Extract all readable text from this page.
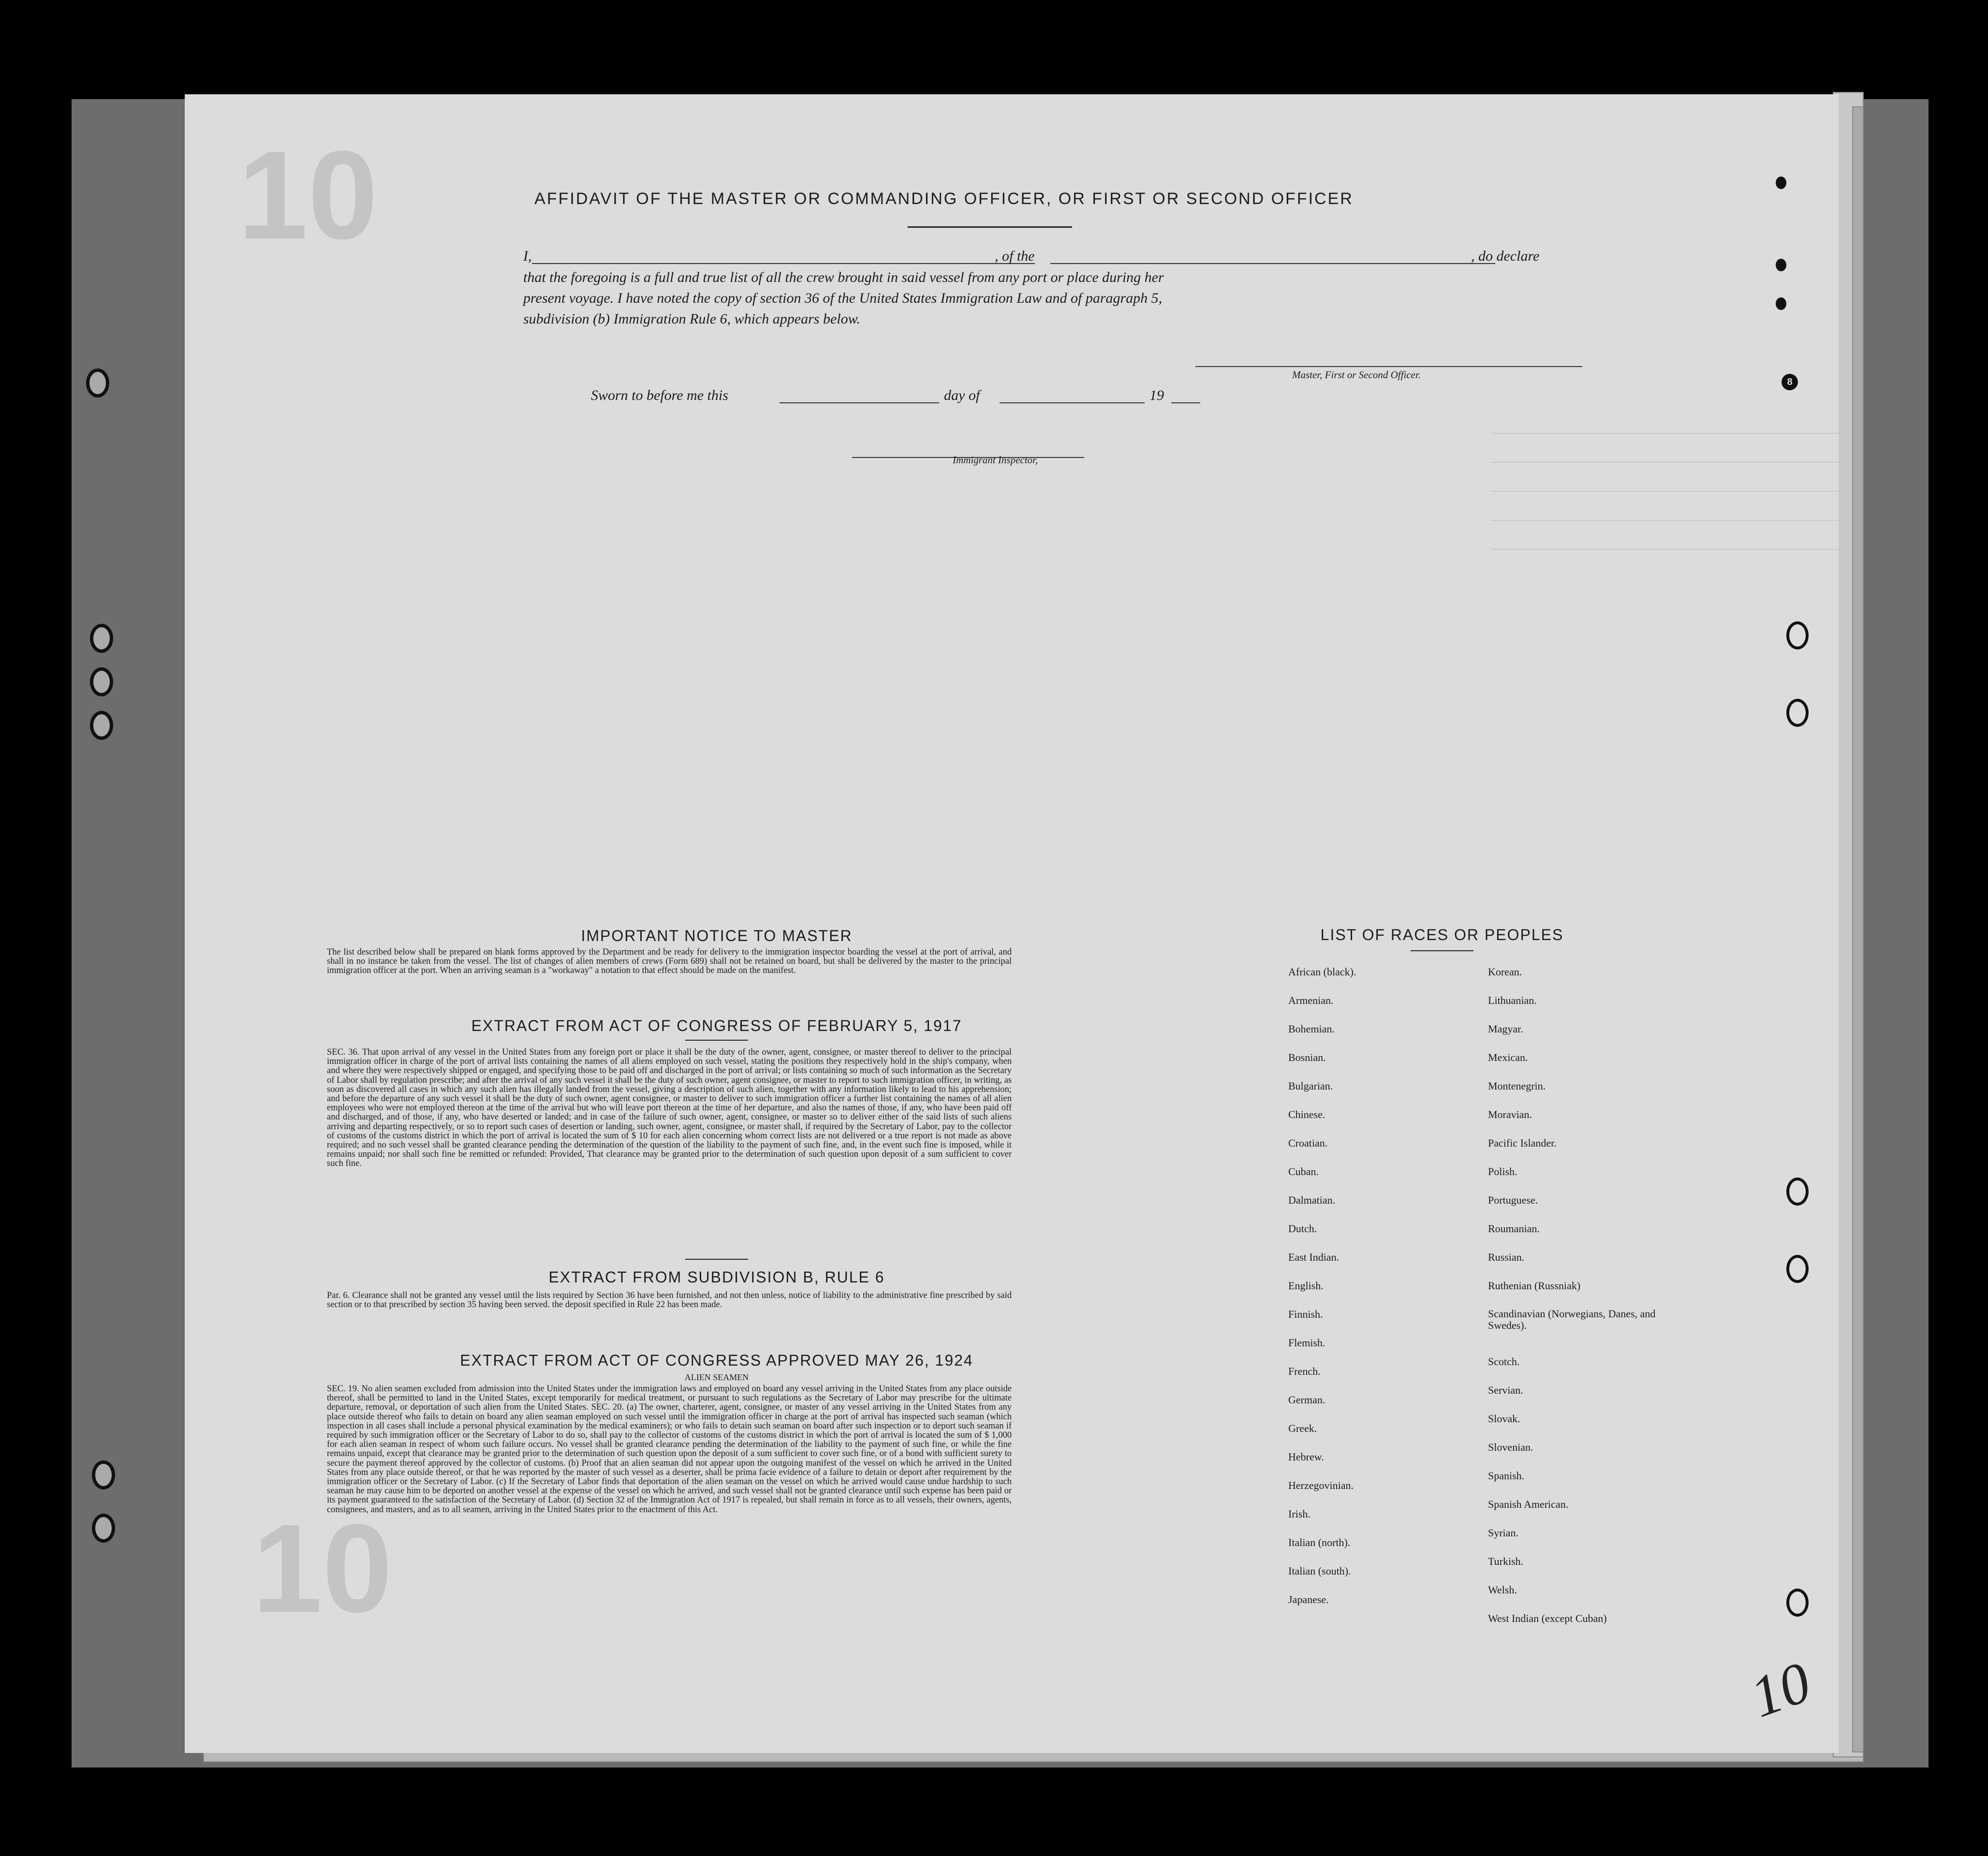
10
10
8
AFFIDAVIT OF THE MASTER OR COMMANDING OFFICER, OR FIRST OR SECOND OFFICER
I,	, of the	, do declare
that the foregoing is a full and true list of all the crew brought in said vessel from any port or place during her
present voyage. I have noted the copy of section 36 of the United States Immigration Law and of paragraph 5,
subdivision (b) Immigration Rule 6, which appears below.
Master, First or Second Officer.
Sworn to before me this	day of	19
Immigrant Inspector,
IMPORTANT NOTICE TO MASTER
The list described below shall be prepared on blank forms approved by the Department and be ready for delivery to the immigration inspector boarding the vessel at the port of arrival, and shall in no instance be taken from the vessel. The list of changes of alien members of crews (Form 689) shall not be retained on board, but shall be delivered by the master to the principal immigration officer at the port. When an arriving seaman is a "workaway" a notation to that effect should be made on the manifest.
EXTRACT FROM ACT OF CONGRESS OF FEBRUARY 5, 1917
SEC. 36. That upon arrival of any vessel in the United States from any foreign port or place it shall be the duty of the owner, agent, consignee, or master thereof to deliver to the principal immigration officer in charge of the port of arrival lists containing the names of all aliens employed on such vessel, stating the positions they respectively hold in the ship's company, when and where they were respectively shipped or engaged, and specifying those to be paid off and discharged in the port of arrival; or lists containing so much of such information as the Secretary of Labor shall by regulation prescribe; and after the arrival of any such vessel it shall be the duty of such owner, agent consignee, or master to report to such immigration officer, in writing, as soon as discovered all cases in which any such alien has illegally landed from the vessel, giving a description of such alien, together with any information likely to lead to his apprehension; and before the departure of any such vessel it shall be the duty of such owner, agent consignee, or master to deliver to such immigration officer a further list containing the names of all alien employees who were not employed thereon at the time of the arrival but who will leave port thereon at the time of her departure, and also the names of those, if any, who have been paid off and discharged, and of those, if any, who have deserted or landed; and in case of the failure of such owner, agent, consignee, or master so to deliver either of the said lists of such aliens arriving and departing respectively, or so to report such cases of desertion or landing, such owner, agent, consignee, or master shall, if required by the Secretary of Labor, pay to the collector of customs of the customs district in which the port of arrival is located the sum of $ 10 for each alien concerning whom correct lists are not delivered or a true report is not made as above required; and no such vessel shall be granted clearance pending the determination of the question of the liability to the payment of such fine, and, in the event such fine is imposed, while it remains unpaid; nor shall such fine be remitted or refunded: Provided, That clearance may be granted prior to the determination of such question upon deposit of a sum sufficient to cover such fine.
EXTRACT FROM SUBDIVISION B, RULE 6
Par. 6. Clearance shall not be granted any vessel until the lists required by Section 36 have been furnished, and not then unless, notice of liability to the administrative fine prescribed by said section or to that prescribed by section 35 having been served. the deposit specified in Rule 22 has been made.
EXTRACT FROM ACT OF CONGRESS APPROVED MAY 26, 1924
ALIEN SEAMEN
SEC. 19. No alien seamen excluded from admission into the United States under the immigration laws and employed on board any vessel arriving in the United States from any place outside thereof, shall be permitted to land in the United States, except temporarily for medical treatment, or pursuant to such regulations as the Secretary of Labor may prescribe for the ultimate departure, removal, or deportation of such alien from the United States. SEC. 20. (a) The owner, charterer, agent, consignee, or master of any vessel arriving in the United States from any place outside thereof who fails to detain on board any alien seaman employed on such vessel until the immigration officer in charge at the port of arrival has inspected such seaman (which inspection in all cases shall include a personal physical examination by the medical examiners); or who fails to detain such seaman on board after such inspection or to deport such seaman if required by such immigration officer or the Secretary of Labor to do so, shall pay to the collector of customs of the customs district in which the port of arrival is located the sum of $ 1,000 for each alien seaman in respect of whom such failure occurs. No vessel shall be granted clearance pending the determination of the liability to the payment of such fine, or while the fine remains unpaid, except that clearance may be granted prior to the determination of such question upon the deposit of a sum sufficient to cover such fine, or of a bond with sufficient surety to secure the payment thereof approved by the collector of customs. (b) Proof that an alien seaman did not appear upon the outgoing manifest of the vessel on which he arrived in the United States from any place outside thereof, or that he was reported by the master of such vessel as a deserter, shall be prima facie evidence of a failure to detain or deport after requirement by the immigration officer or the Secretary of Labor. (c) If the Secretary of Labor finds that deportation of the alien seaman on the vessel on which he arrived would cause undue hardship to such seaman he may cause him to be deported on another vessel at the expense of the vessel on which he arrived, and such vessel shall not be granted clearance until such expense has been paid or its payment guaranteed to the satisfaction of the Secretary of Labor. (d) Section 32 of the Immigration Act of 1917 is repealed, but shall remain in force as to all vessels, their owners, agents, consignees, and masters, and as to all seamen, arriving in the United States prior to the enactment of this Act.
LIST OF RACES OR PEOPLES
African (black).
Armenian.
Bohemian.
Bosnian.
Bulgarian.
Chinese.
Croatian.
Cuban.
Dalmatian.
Dutch.
East Indian.
English.
Finnish.
Flemish.
French.
German.
Greek.
Hebrew.
Herzegovinian.
Irish.
Italian (north).
Italian (south).
Japanese.
Korean.
Lithuanian.
Magyar.
Mexican.
Montenegrin.
Moravian.
Pacific Islander.
Polish.
Portuguese.
Roumanian.
Russian.
Ruthenian (Russniak)
Scandinavian (Norwegians, Danes, and Swedes).
Scotch.
Servian.
Slovak.
Slovenian.
Spanish.
Spanish American.
Syrian.
Turkish.
Welsh.
West Indian (except Cuban)
10
